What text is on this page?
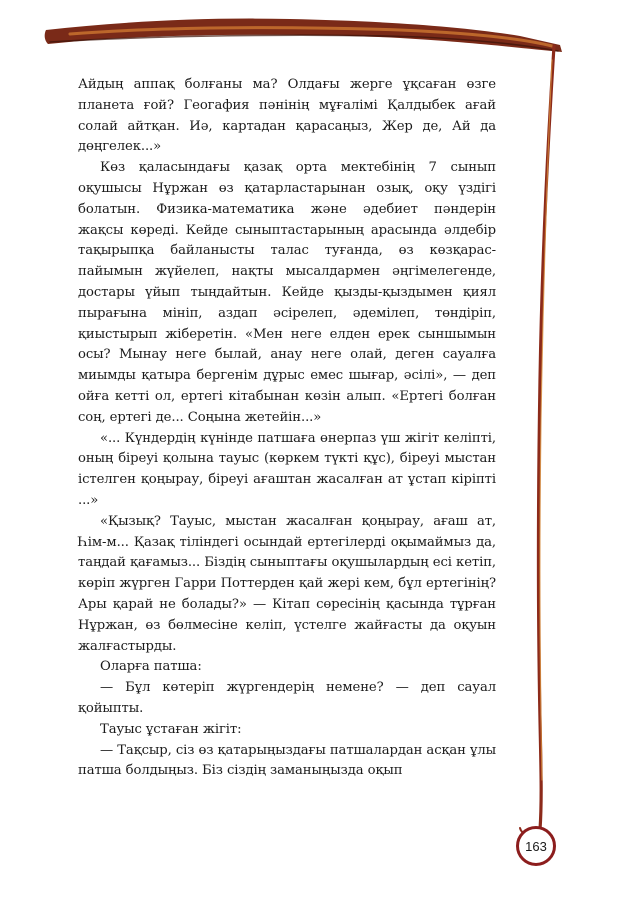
Айдың аппақ болғаны ма? Олдағы жерге ұқсаған өзге планета ғой? Геогафия пәнінің мұғалімі Қалдыбек ағай солай айтқан. Иә, картадан қарасаңыз, Жер де, Ай да дөңгелек...»

Көз қаласындағы қазақ орта мектебінің 7 сынып оқушысы Нұржан өз қатарластарынан озық, оқу үздігі болатын. Физика-математика және әдебиет пәндерін жақсы көреді. Кейде сыныптастарының арасында әлдебір тақырыпқа байланысты талас туғанда, өз көзқарас-пайымын жүйелеп, нақты мысалдармен әңгімелегенде, достары үйып тыңдайтын. Кейде қызды-қыздымен қиял пырағына мініп, аздап әсірелеп, әдемілеп, төндіріп, қиыстырып жіберетін. «Мен неге елден ерек сыншымын осы? Мынау неге былай, анау неге олай, деген сауалға миымды қатыра бергенім дұрыс емес шығар, әсілі», — деп ойға кетті ол, ертегі кітабынан көзін алып. «Ертегі болған соң, ертегі де... Соңына жетейін...»

«... Күндердің күнінде патшаға өнерпаз үш жігіт келіпті, оның біреуі қолына тауыс (көркем түкті құс), біреуі мыстан істелген қоңырау, біреуі ағаштан жасалған ат ұстап кіріпті ...»

«Қызық? Тауыс, мыстан жасалған қоңырау, ағаш ат, Һім-м... Қазақ тіліндегі осындай ертегілерді оқымаймыз да, таңдай қағамыз... Біздің сыныптағы оқушылардың есі кетіп, көріп жүрген Гарри Поттерден қай жері кем, бұл ертегінің? Ары қарай не болады?» — Кітап сөресінің қасында тұрған Нұржан, өз бөлмесіне келіп, үстелге жайғасты да оқуын жалғастырды.

Оларға патша:

— Бұл көтеріп жүргендерің немене? — деп сауал қойыпты.

Тауыс ұстаған жігіт:

— Тақсыр, сіз өз қатарыңыздағы патшалардан асқан ұлы патша болдыңыз. Біз сіздің заманыңызда оқып

163
